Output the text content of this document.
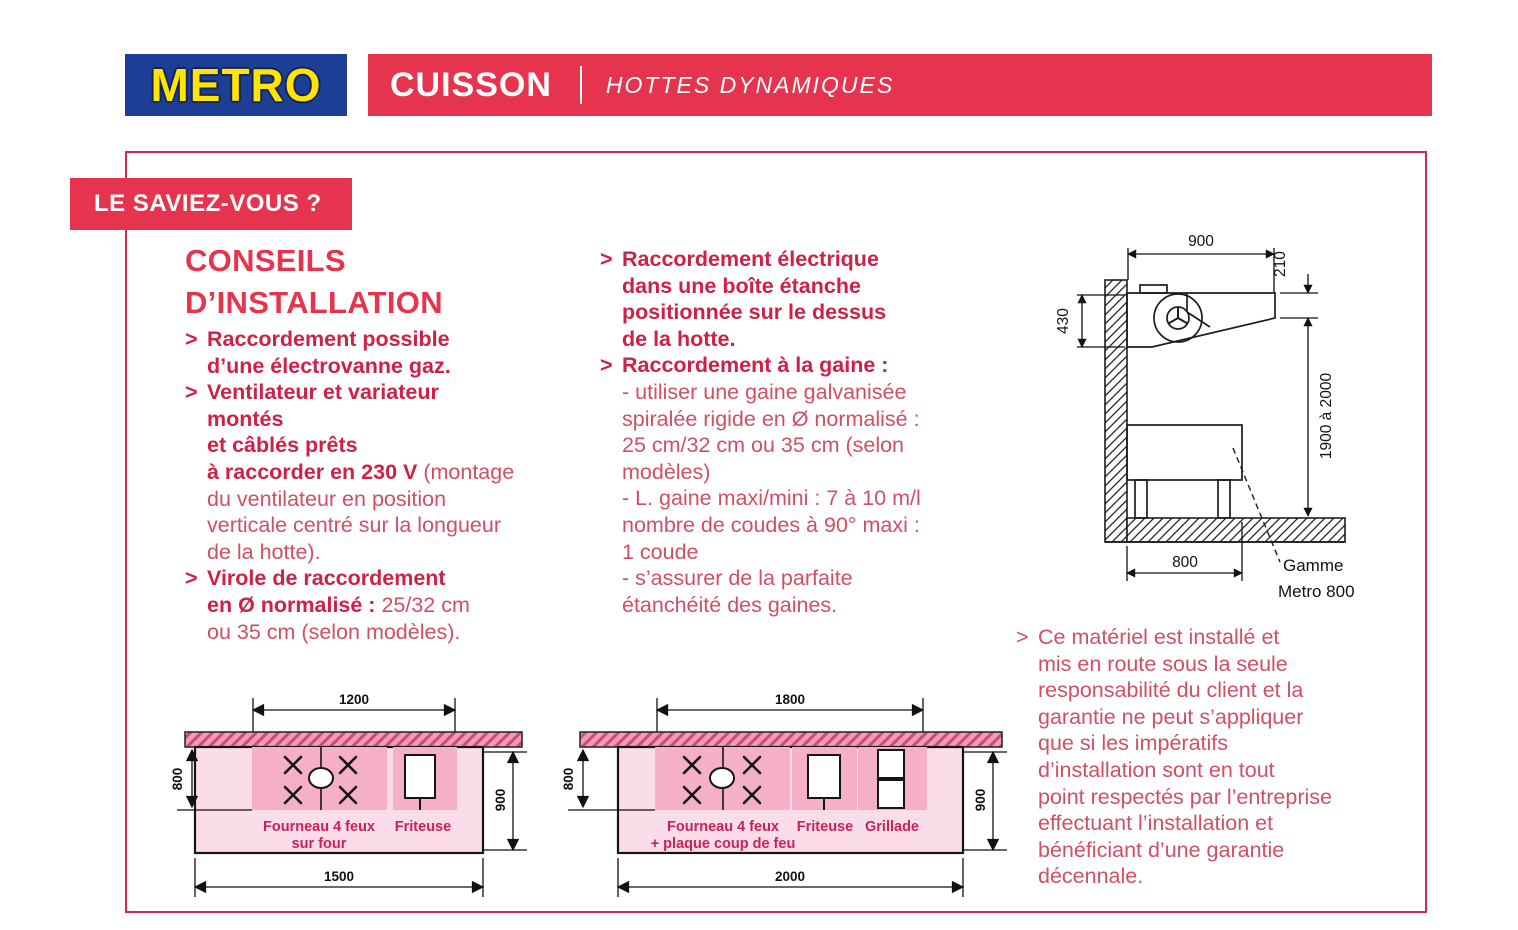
METRO CUISSON HOTTES DYNAMIQUES
LE SAVIEZ-VOUS ?
CONSEILS
D’INSTALLATION
> Raccordement possible
d’une électrovanne gaz.
> Ventilateur et variateur
montés
et câblés prêts
à raccorder en 230 V (montage
du ventilateur en position
verticale centré sur la longueur
de la hotte).
> Virole de raccordement
en Ø normalisé : 25/32 cm
ou 35 cm (selon modèles).
> Raccordement électrique
dans une boîte étanche
positionnée sur le dessus
de la hotte.
> Raccordement à la gaine :
- utiliser une gaine galvanisée
spiralée rigide en Ø normalisé :
25 cm/32 cm ou 35 cm (selon
modèles)
- L. gaine maxi/mini : 7 à 10 m/l
nombre de coudes à 90° maxi :
1 coude
- s’assurer de la parfaite
étanchéité des gaines.
> Ce matériel est installé et
mis en route sous la seule
responsabilité du client et la
garantie ne peut s’appliquer
que si les impératifs
d’installation sont en tout
point respectés par l’entreprise
effectuant l’installation et
bénéficiant d’une garantie
décennale.
900
210
1900 à 2000
430
800	Gamme
Metro 800
1200
Fourneau 4 feux
sur four
Friteuse
800
900
1500
1800
Fourneau 4 feux
+ plaque coup de feu
Friteuse Grillade
800
900
2000
